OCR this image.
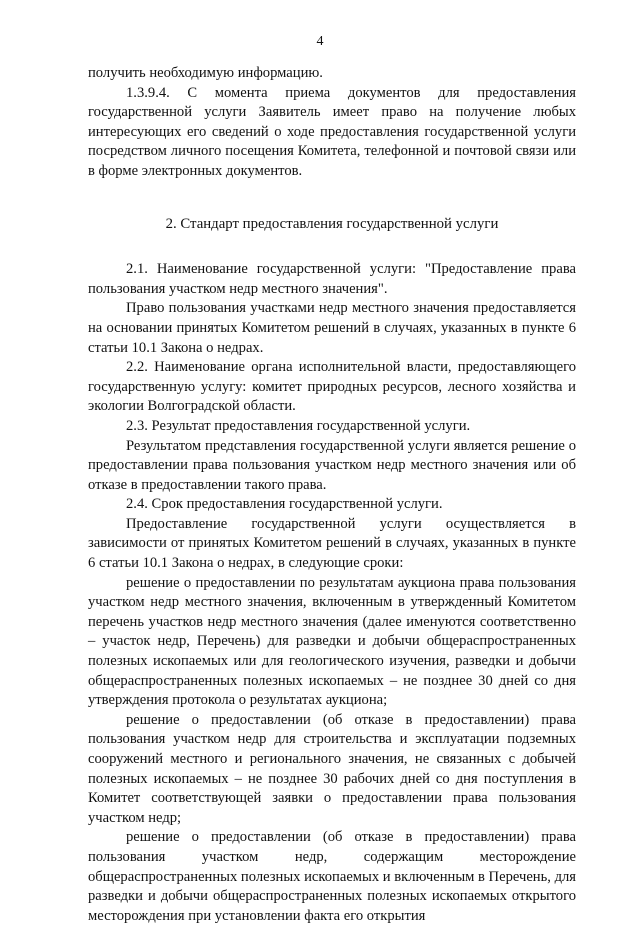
4

получить необходимую информацию.

1.3.9.4. С момента приема документов для предоставления государственной услуги Заявитель имеет право на получение любых интересующих его сведений о ходе предоставления государственной услуги посредством личного посещения Комитета, телефонной и почтовой связи или в форме электронных документов.

2. Стандарт предоставления государственной услуги

2.1. Наименование государственной услуги: "Предоставление права пользования участком недр местного значения".

Право пользования участками недр местного значения предоставляется на основании принятых Комитетом решений в случаях, указанных в пункте 6 статьи 10.1 Закона о недрах.

2.2. Наименование органа исполнительной власти, предоставляющего государственную услугу: комитет природных ресурсов, лесного хозяйства и экологии Волгоградской области.

2.3. Результат предоставления государственной услуги.

Результатом представления государственной услуги является решение о предоставлении права пользования участком недр местного значения или об отказе в предоставлении такого права.

2.4. Срок предоставления государственной услуги.

Предоставление государственной услуги осуществляется в зависимости от принятых Комитетом решений в случаях, указанных в пункте 6 статьи 10.1 Закона о недрах, в следующие сроки:

решение о предоставлении по результатам аукциона права пользования участком недр местного значения, включенным в утвержденный Комитетом перечень участков недр местного значения (далее именуются соответственно – участок недр, Перечень) для разведки и добычи общераспространенных полезных ископаемых или для геологического изучения, разведки и добычи общераспространенных полезных ископаемых – не позднее 30 дней со дня утверждения протокола о результатах аукциона;

решение о предоставлении (об отказе в предоставлении) права пользования участком недр для строительства и эксплуатации подземных сооружений местного и регионального значения, не связанных с добычей полезных ископаемых – не позднее 30 рабочих дней со дня поступления в Комитет соответствующей заявки о предоставлении права пользования участком недр;

решение о предоставлении (об отказе в предоставлении) права пользования участком недр, содержащим месторождение общераспространенных полезных ископаемых и включенным в Перечень, для разведки и добычи общераспространенных полезных ископаемых открытого месторождения при установлении факта его открытия
